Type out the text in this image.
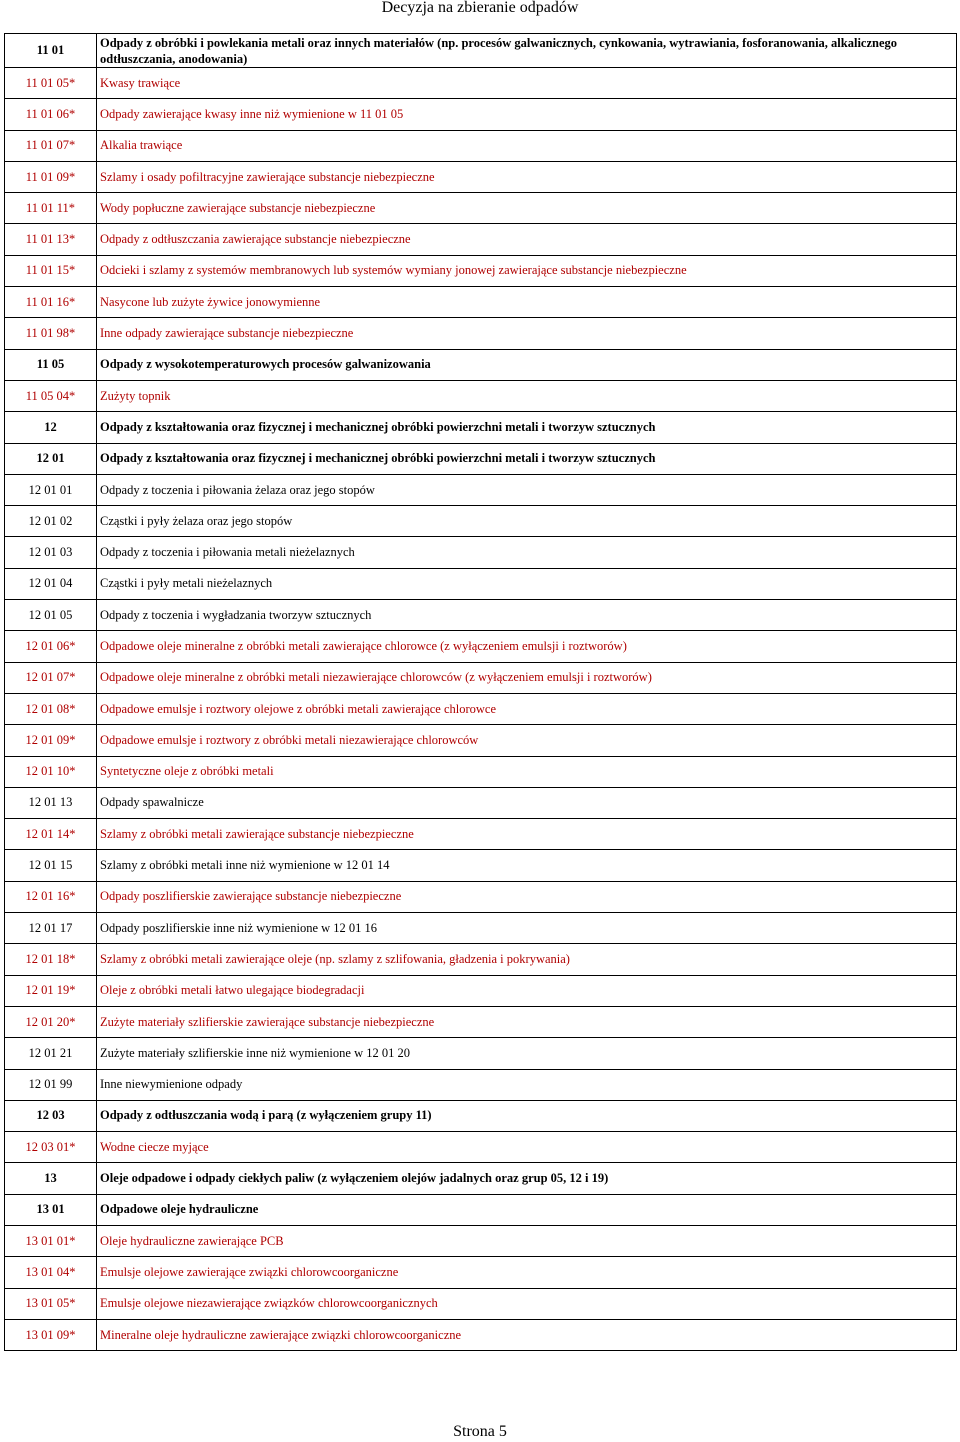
Decyzja na zbieranie odpadów
11 01	Odpady z obróbki i powlekania metali oraz innych materiałów (np. procesów galwanicznych, cynkowania, wytrawiania, fosforanowania, alkalicznego odtłuszczania, anodowania)
11 01 05*	Kwasy trawiące
11 01 06*	Odpady zawierające kwasy inne niż wymienione w 11 01 05
11 01 07*	Alkalia trawiące
11 01 09*	Szlamy i osady pofiltracyjne zawierające substancje niebezpieczne
11 01 11*	Wody popłuczne zawierające substancje niebezpieczne
11 01 13*	Odpady z odtłuszczania zawierające substancje niebezpieczne
11 01 15*	Odcieki i szlamy z systemów membranowych lub systemów wymiany jonowej zawierające substancje niebezpieczne
11 01 16*	Nasycone lub zużyte żywice jonowymienne
11 01 98*	Inne odpady zawierające substancje niebezpieczne
11 05	Odpady z wysokotemperaturowych procesów galwanizowania
11 05 04*	Zużyty topnik
12	Odpady z kształtowania oraz fizycznej i mechanicznej obróbki powierzchni metali i tworzyw sztucznych
12 01	Odpady z kształtowania oraz fizycznej i mechanicznej obróbki powierzchni metali i tworzyw sztucznych
12 01 01	Odpady z toczenia i piłowania żelaza oraz jego stopów
12 01 02	Cząstki i pyły żelaza oraz jego stopów
12 01 03	Odpady z toczenia i piłowania metali nieżelaznych
12 01 04	Cząstki i pyły metali nieżelaznych
12 01 05	Odpady z toczenia i wygładzania tworzyw sztucznych
12 01 06*	Odpadowe oleje mineralne z obróbki metali zawierające chlorowce (z wyłączeniem emulsji i roztworów)
12 01 07*	Odpadowe oleje mineralne z obróbki metali niezawierające chlorowców (z wyłączeniem emulsji i roztworów)
12 01 08*	Odpadowe emulsje i roztwory olejowe z obróbki metali zawierające chlorowce
12 01 09*	Odpadowe emulsje i roztwory z obróbki metali niezawierające chlorowców
12 01 10*	Syntetyczne oleje z obróbki metali
12 01 13	Odpady spawalnicze
12 01 14*	Szlamy z obróbki metali zawierające substancje niebezpieczne
12 01 15	Szlamy z obróbki metali inne niż wymienione w 12 01 14
12 01 16*	Odpady poszlifierskie zawierające substancje niebezpieczne
12 01 17	Odpady poszlifierskie inne niż wymienione w 12 01 16
12 01 18*	Szlamy z obróbki metali zawierające oleje (np. szlamy z szlifowania, gładzenia i pokrywania)
12 01 19*	Oleje z obróbki metali łatwo ulegające biodegradacji
12 01 20*	Zużyte materiały szlifierskie zawierające substancje niebezpieczne
12 01 21	Zużyte materiały szlifierskie inne niż wymienione w 12 01 20
12 01 99	Inne niewymienione odpady
12 03	Odpady z odtłuszczania wodą i parą (z wyłączeniem grupy 11)
12 03 01*	Wodne ciecze myjące
13	Oleje odpadowe i odpady ciekłych paliw (z wyłączeniem olejów jadalnych oraz grup 05, 12 i 19)
13 01	Odpadowe oleje hydrauliczne
13 01 01*	Oleje hydrauliczne zawierające PCB
13 01 04*	Emulsje olejowe zawierające związki chlorowcoorganiczne
13 01 05*	Emulsje olejowe niezawierające związków chlorowcoorganicznych
13 01 09*	Mineralne oleje hydrauliczne zawierające związki chlorowcoorganiczne
Strona 5
